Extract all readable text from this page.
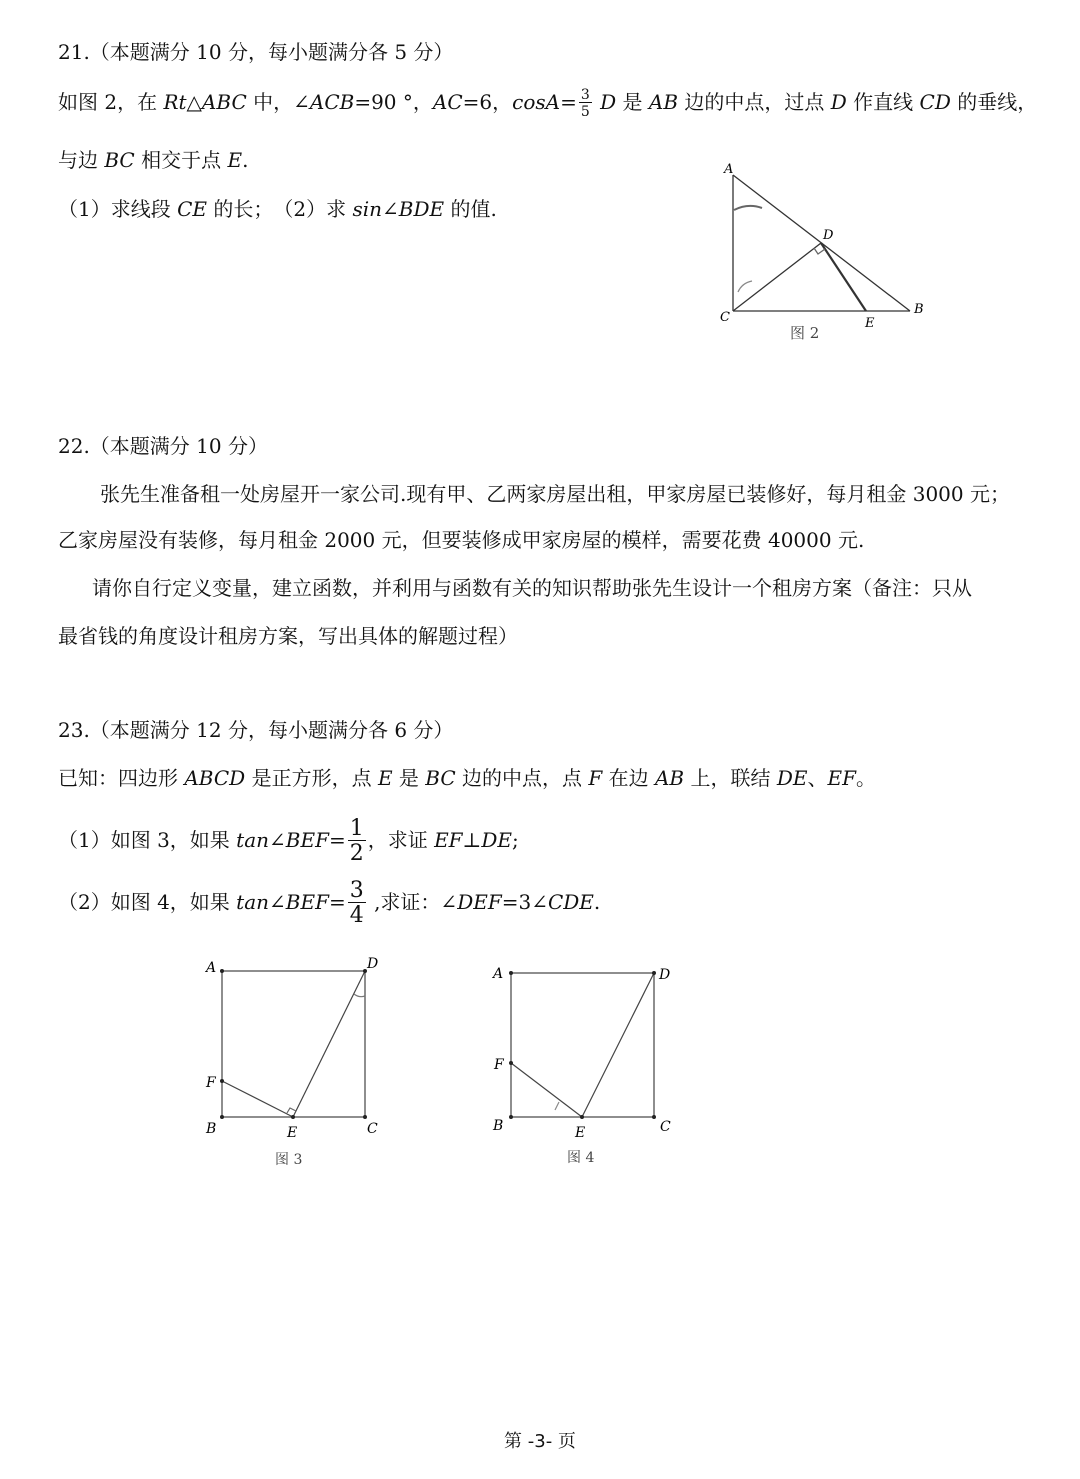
21.（本题满分 10 分，每小题满分各 5 分）
如图 2，在 Rt△ABC 中，∠ACB=90 °，AC=6，$\cos A= \frac{3}{5}$ D 是 AB 边的中点，过点 D 作直线 CD 的垂线，
与边 BC 相交于点 E.
（1）求线段 CE 的长；　（2）求 sin∠BDE 的值.
A
D
C	E
B
图 2
22.（本题满分 10 分）
张先生准备租一处房屋开一家公司.现有甲、乙两家房屋出租，甲家房屋已装修好，每月租金 3000 元；
乙家房屋没有装修，每月租金 2000 元，但要装修成甲家房屋的模样，需要花费 40000 元.
请你自行定义变量，建立函数，并利用与函数有关的知识帮助张先生设计一个租房方案（备注：只从
最省钱的角度设计租房方案，写出具体的解题过程）
23.（本题满分 12 分，每小题满分各 6 分）
已知：四边形 ABCD 是正方形，点 E 是 BC 边的中点，点 F 在边 AB 上，联结 DE、EF。
（1）如图 3，如果 tan∠BEF= $\frac{1}{2}$ ，求证 EF⊥DE;
（2）如图 4，如果 tan∠BEF= $\frac{3}{4}$ ,求证：∠DEF=3∠CDE.
A	D
F
B	E	C
图 3
A	D
F
B	E	C
图 4
第 -3- 页
